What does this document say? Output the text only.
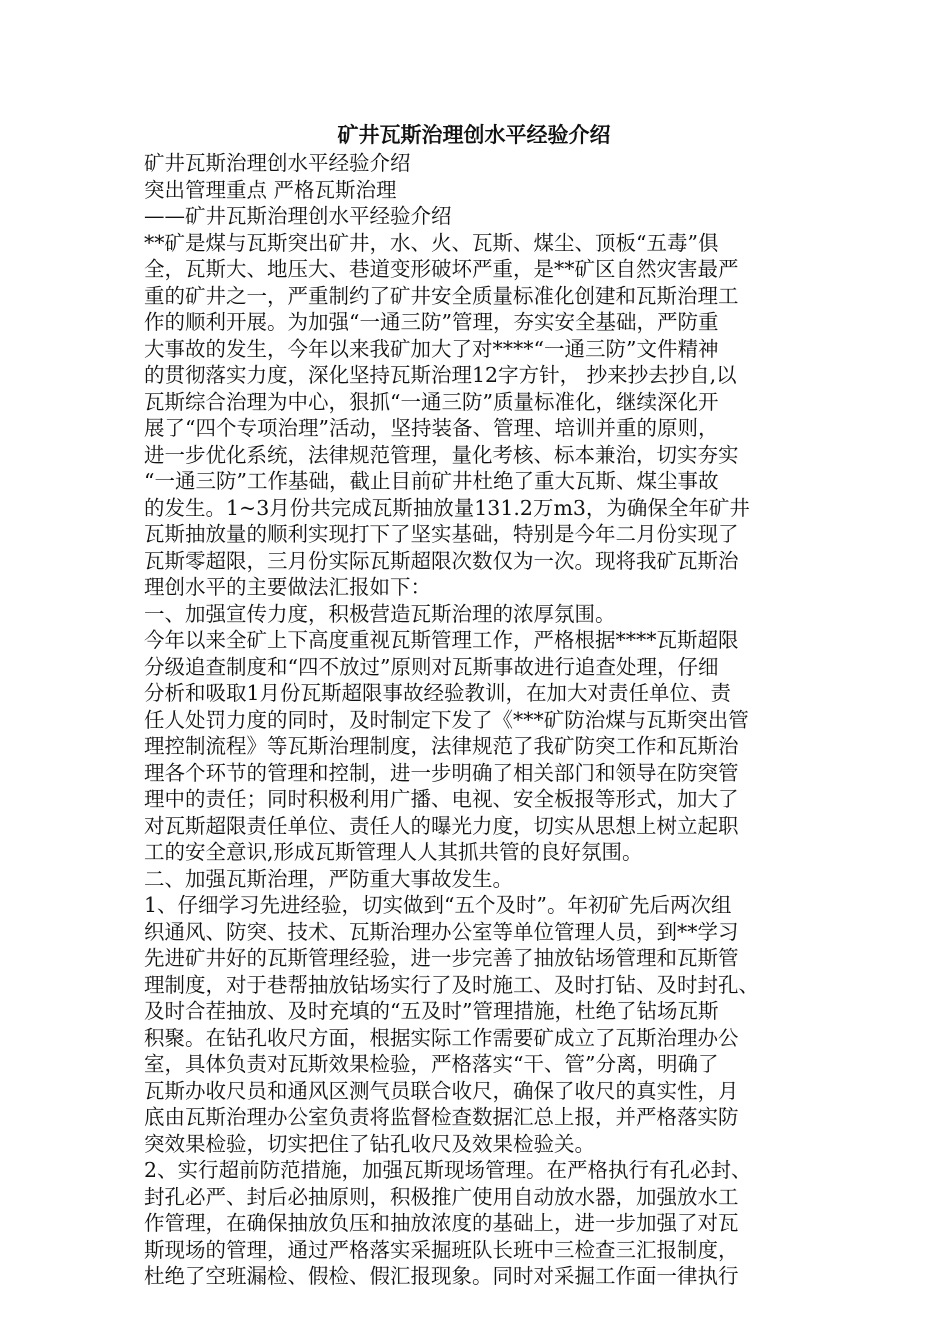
矿井瓦斯治理创水平经验介绍

矿井瓦斯治理创水平经验介绍

突出管理重点 严格瓦斯治理

——矿井瓦斯治理创水平经验介绍

**矿是煤与瓦斯突出矿井，水、火、瓦斯、煤尘、顶板“五毒”俱

全，瓦斯大、地压大、巷道变形破坏严重，是**矿区自然灾害最严

重的矿井之一，严重制约了矿井安全质量标准化创建和瓦斯治理工

作的顺利开展。为加强“一通三防”管理，夯实安全基础，严防重

大事故的发生，今年以来我矿加大了对****“一通三防”文件精神

的贯彻落实力度，深化坚持瓦斯治理12字方针， 抄来抄去抄自,以

瓦斯综合治理为中心，狠抓“一通三防”质量标准化，继续深化开

展了“四个专项治理”活动，坚持装备、管理、培训并重的原则，

进一步优化系统，法律规范管理，量化考核、标本兼治，切实夯实

“一通三防”工作基础，截止目前矿井杜绝了重大瓦斯、煤尘事故

的发生。1~3月份共完成瓦斯抽放量131.2万m3，为确保全年矿井

瓦斯抽放量的顺利实现打下了坚实基础，特别是今年二月份实现了

瓦斯零超限，三月份实际瓦斯超限次数仅为一次。现将我矿瓦斯治

理创水平的主要做法汇报如下：

一、加强宣传力度，积极营造瓦斯治理的浓厚氛围。

今年以来全矿上下高度重视瓦斯管理工作，严格根据****瓦斯超限

分级追查制度和“四不放过”原则对瓦斯事故进行追查处理，仔细

分析和吸取1月份瓦斯超限事故经验教训，在加大对责任单位、责

任人处罚力度的同时，及时制定下发了《***矿防治煤与瓦斯突出管

理控制流程》等瓦斯治理制度，法律规范了我矿防突工作和瓦斯治

理各个环节的管理和控制，进一步明确了相关部门和领导在防突管

理中的责任；同时积极利用广播、电视、安全板报等形式，加大了

对瓦斯超限责任单位、责任人的曝光力度，切实从思想上树立起职

工的安全意识,形成瓦斯管理人人其抓共管的良好氛围。

二、加强瓦斯治理，严防重大事故发生。

1、仔细学习先进经验，切实做到“五个及时”。年初矿先后两次组

织通风、防突、技术、瓦斯治理办公室等单位管理人员，到**学习

先进矿井好的瓦斯管理经验，进一步完善了抽放钻场管理和瓦斯管

理制度，对于巷帮抽放钻场实行了及时施工、及时打钻、及时封孔、

及时合茬抽放、及时充填的“五及时”管理措施，杜绝了钻场瓦斯

积聚。在钻孔收尺方面，根据实际工作需要矿成立了瓦斯治理办公

室，具体负责对瓦斯效果检验，严格落实“干、管”分离，明确了

瓦斯办收尺员和通风区测气员联合收尺，确保了收尺的真实性，月

底由瓦斯治理办公室负责将监督检查数据汇总上报，并严格落实防

突效果检验，切实把住了钻孔收尺及效果检验关。

2、实行超前防范措施，加强瓦斯现场管理。在严格执行有孔必封、

封孔必严、封后必抽原则，积极推广使用自动放水器，加强放水工

作管理，在确保抽放负压和抽放浓度的基础上，进一步加强了对瓦

斯现场的管理，通过严格落实采掘班队长班中三检查三汇报制度，

杜绝了空班漏检、假检、假汇报现象。同时对采掘工作面一律执行
